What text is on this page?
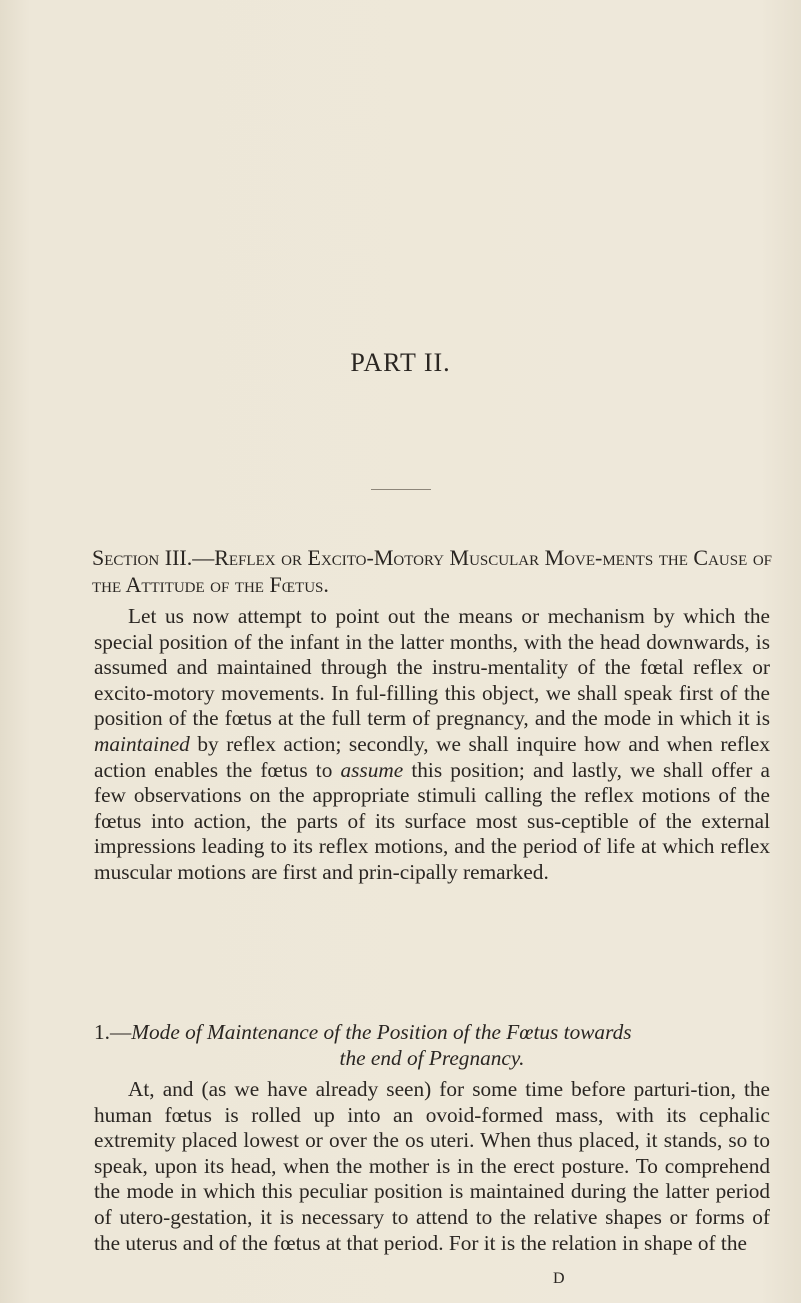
PART II.
Section III.—Reflex or Excito-Motory Muscular Move-ments the Cause of the Attitude of the Fœtus.

Let us now attempt to point out the means or mechanism by which the special position of the infant in the latter months, with the head downwards, is assumed and maintained through the instru-mentality of the fœtal reflex or excito-motory movements. In ful-filling this object, we shall speak first of the position of the fœtus at the full term of pregnancy, and the mode in which it is maintained by reflex action; secondly, we shall inquire how and when reflex action enables the fœtus to assume this position; and lastly, we shall offer a few observations on the appropriate stimuli calling the reflex motions of the fœtus into action, the parts of its surface most sus-ceptible of the external impressions leading to its reflex motions, and the period of life at which reflex muscular motions are first and prin-cipally remarked.

1.—Mode of Maintenance of the Position of the Fœtus towards
the end of Pregnancy.

At, and (as we have already seen) for some time before parturi-tion, the human fœtus is rolled up into an ovoid-formed mass, with its cephalic extremity placed lowest or over the os uteri. When thus placed, it stands, so to speak, upon its head, when the mother is in the erect posture. To comprehend the mode in which this peculiar position is maintained during the latter period of utero-gestation, it is necessary to attend to the relative shapes or forms of the uterus and of the fœtus at that period. For it is the relation in shape of the

D
